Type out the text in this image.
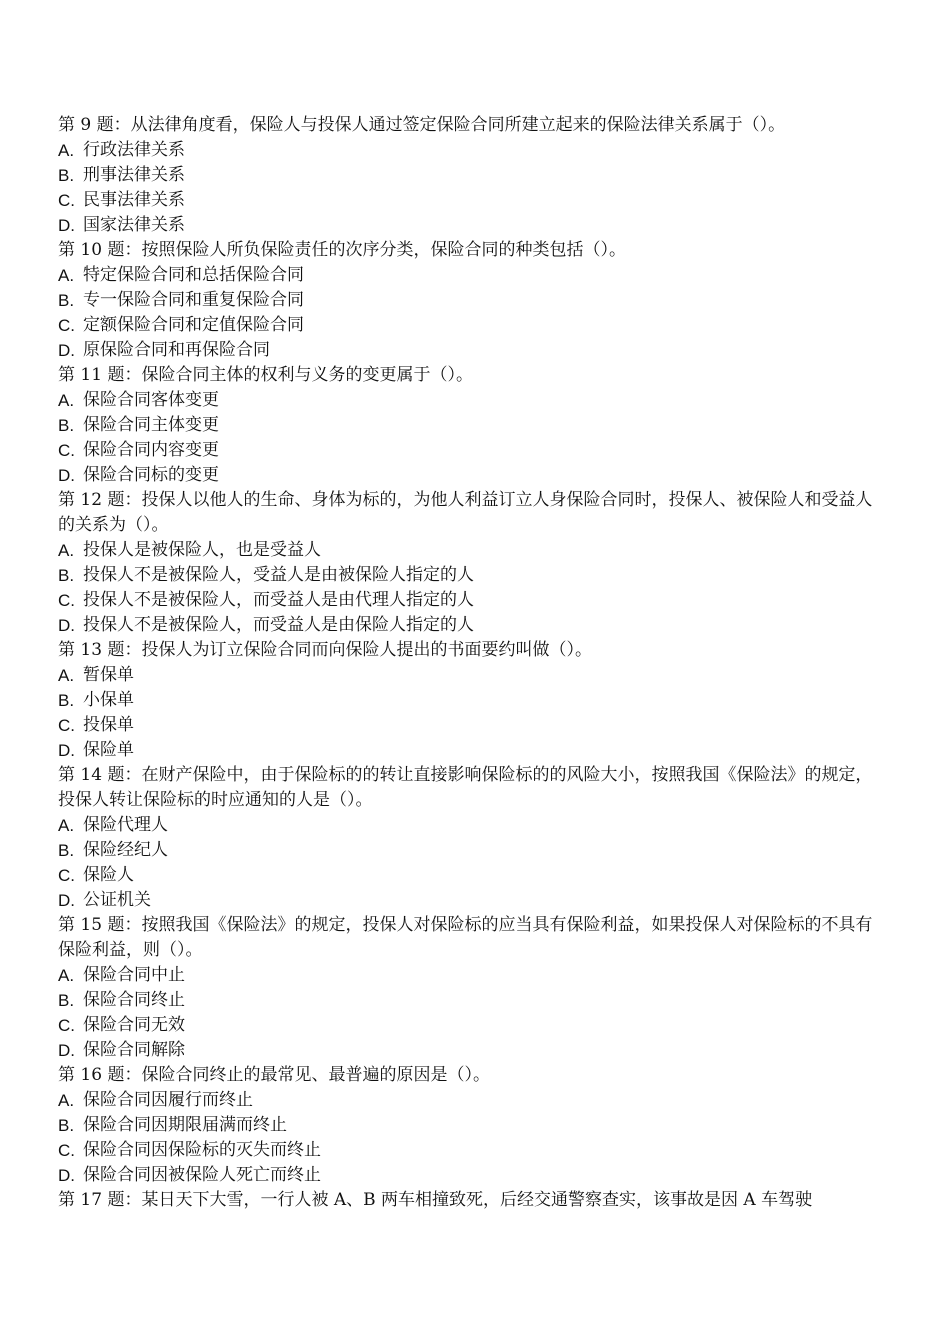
第 9 题：从法律角度看，保险人与投保人通过签定保险合同所建立起来的保险法律关系属于（）。
A. 行政法律关系
B. 刑事法律关系
C. 民事法律关系
D. 国家法律关系
第 10 题：按照保险人所负保险责任的次序分类，保险合同的种类包括（）。
A. 特定保险合同和总括保险合同
B. 专一保险合同和重复保险合同
C. 定额保险合同和定值保险合同
D. 原保险合同和再保险合同
第 11 题：保险合同主体的权利与义务的变更属于（）。
A. 保险合同客体变更
B. 保险合同主体变更
C. 保险合同内容变更
D. 保险合同标的变更
第 12 题：投保人以他人的生命、身体为标的，为他人利益订立人身保险合同时，投保人、被保险人和受益人的关系为（）。
A. 投保人是被保险人，也是受益人
B. 投保人不是被保险人，受益人是由被保险人指定的人
C. 投保人不是被保险人，而受益人是由代理人指定的人
D. 投保人不是被保险人，而受益人是由保险人指定的人
第 13 题：投保人为订立保险合同而向保险人提出的书面要约叫做（）。
A. 暂保单
B. 小保单
C. 投保单
D. 保险单
第 14 题：在财产保险中，由于保险标的的转让直接影响保险标的的风险大小，按照我国《保险法》的规定，投保人转让保险标的时应通知的人是（）。
A. 保险代理人
B. 保险经纪人
C. 保险人
D. 公证机关
第 15 题：按照我国《保险法》的规定，投保人对保险标的应当具有保险利益，如果投保人对保险标的不具有保险利益，则（）。
A. 保险合同中止
B. 保险合同终止
C. 保险合同无效
D. 保险合同解除
第 16 题：保险合同终止的最常见、最普遍的原因是（）。
A. 保险合同因履行而终止
B. 保险合同因期限届满而终止
C. 保险合同因保险标的灭失而终止
D. 保险合同因被保险人死亡而终止
第 17 题：某日天下大雪，一行人被 A、B 两车相撞致死，后经交通警察查实，该事故是因 A 车驾驶
